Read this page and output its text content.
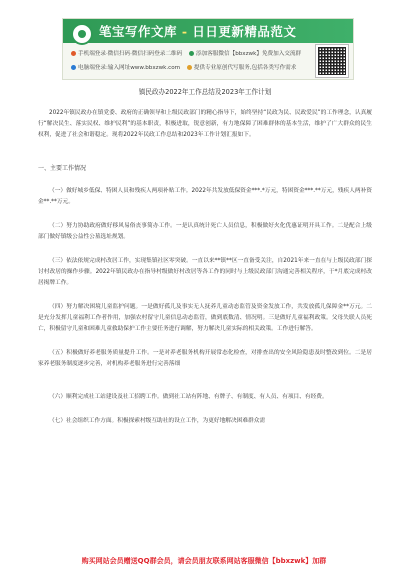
笔宝写作文库 - 日日更新精品范文
手机端登录·微信扫码·微信扫码登录二维码 添加客服微信【bbxzwk】免费加入交流群
电脑端登录:输入网址www.bbxzwk.com 提供专业原创代写服务,包括各类写作需求
镇民政办2022年工作总结及2023年工作计划

2022年镇民政办在镇党委、政府的正确领导和上级民政部门的精心指导下，始终坚持“民政为民、民政爱民”的工作理念，认真履行“解决民生、落实民权、维护民利”的基本职责，积极进取，锐意创新，有力地保障了困难群体的基本生活，维护了广大群众的民生权利，促进了社会和谐稳定。现将2022年民政工作总结和2023年工作计划汇报如下。

一、主要工作情况

（一）做好城乡低保、特困人员和残疾人两项补贴工作。2022年共发放低保资金***.*万元，特困资金***.**万元，残疾人两补资金**.**万元。

（二）努力协助政府做好移风易俗丧事简办工作。一是认真统计死亡人员信息，积极做好火化优惠证明开具工作。二是配合上级部门做好镇级公益性公墓选址规划。

（三）依法依规完成村改居工作，实现集镇社区零突破。一直以来**镇**区一直备受关注，自2021年来一直在与上级民政部门探讨村改居的操作步骤。2022年镇民政办在指导村级做好村改居等各工作的同时与上级民政部门沟通完善相关程序，于*月底完成村改居揭牌工作。

（四）努力解决困境儿童监护问题。一是做好孤儿及事实无人抚养儿童动态监管及资金发放工作，共发放孤儿保障金**万元。二是充分发挥儿童福利工作者作用，加强农村留守儿童信息动态监管，做到底数清、情况明。三是做好儿童福利政策。父母失联人员死亡，积极留守儿童和困难儿童救助保护工作主要任务进行调解，努力解决儿童实际的相关政策。工作进行解答。

（五）积极做好养老服务质量提升工作。一是对养老服务机构开展常态化检查，对排查出的安全风险隐患及时整改到位。二是居家养老服务制度逐步完善，对机构养老服务进行完善落细

（六）顺利完成社工站建设及社工招聘工作。做到社工站有阵地、有牌子、有制度、有人员、有项目、有经费。

（七）社会组织工作方面。积极探索村级互助社的设立工作，为更好地解决困难群众需

购买网站会员赠送QQ群会员，请会员朋友联系网站客服微信【bbxzwk】加群
